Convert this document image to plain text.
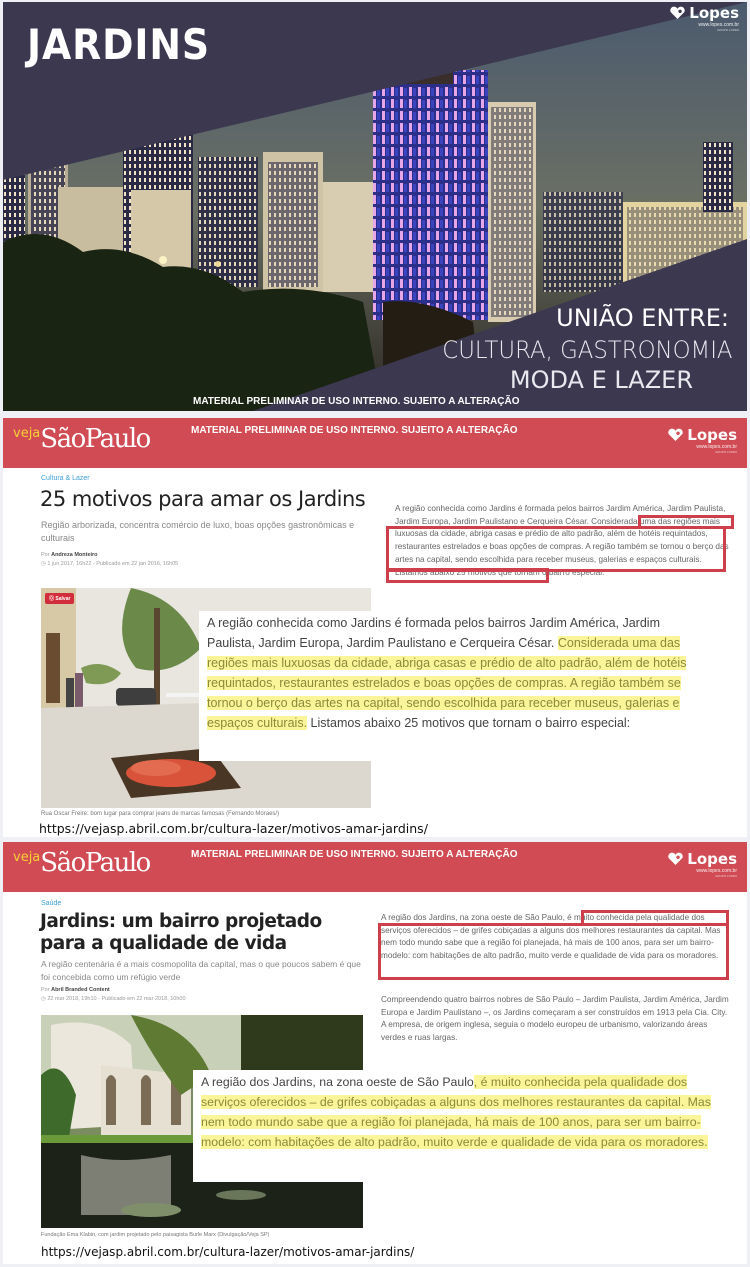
JARDINS
Lopes
www.lopes.com.br
GRUPO LOPES
UNIÃO ENTRE:
CULTURA, GASTRONOMIA
MODA E LAZER
MATERIAL PRELIMINAR DE USO INTERNO. SUJEITO A ALTERAÇÃO
$^{veja}$SãoPaulo	MATERIAL PRELIMINAR DE USO INTERNO. SUJEITO A ALTERAÇÃO	Lopes
www.lopes.com.br
GRUPO LOPES
Cultura & Lazer
25 motivos para amar os Jardins
Região arborizada, concentra comércio de luxo, boas opções gastronômicas e culturais
Por Andreza Monteiro
◷ 1 jun 2017, 16h22 - Publicado em 22 jan 2016, 16h05
A região conhecida como Jardins é formada pelos bairros Jardim América, Jardim Paulista, Jardim Europa, Jardim Paulistano e Cerqueira César. Considerada uma das regiões mais luxuosas da cidade, abriga casas e prédio de alto padrão, além de hotéis requintados, restaurantes estrelados e boas opções de compras. A região também se tornou o berço das artes na capital, sendo escolhida para receber museus, galerias e espaços culturais. Listamos abaixo 25 motivos que tornam o bairro especial:
⓪ Salvar
A região conhecida como Jardins é formada pelos bairros Jardim América, Jardim Paulista, Jardim Europa, Jardim Paulistano e Cerqueira César. Considerada uma das regiões mais luxuosas da cidade, abriga casas e prédio de alto padrão, além de hotéis requintados, restaurantes estrelados e boas opções de compras. A região também se tornou o berço das artes na capital, sendo escolhida para receber museus, galerias e espaços culturais. Listamos abaixo 25 motivos que tornam o bairro especial:
Rua Oscar Freire: bom lugar para comprar jeans de marcas famosas (Fernando Moraes/)
https://vejasp.abril.com.br/cultura-lazer/motivos-amar-jardins/
$^{veja}$SãoPaulo	MATERIAL PRELIMINAR DE USO INTERNO. SUJEITO A ALTERAÇÃO	Lopes
www.lopes.com.br
GRUPO LOPES
Saúde
Jardins: um bairro projetado para a qualidade de vida
A região centenária é a mais cosmopolita da capital, mas o que poucos sabem é que foi concebida como um refúgio verde
Por Abril Branded Content
◷ 22 mar 2018, 19h10 - Publicado em 22 mar 2018, 10h00
A região dos Jardins, na zona oeste de São Paulo, é muito conhecida pela qualidade dos serviços oferecidos – de grifes cobiçadas a alguns dos melhores restaurantes da capital. Mas nem todo mundo sabe que a região foi planejada, há mais de 100 anos, para ser um bairro-modelo: com habitações de alto padrão, muito verde e qualidade de vida para os moradores.
Compreendendo quatro bairros nobres de São Paulo – Jardim Paulista, Jardim América, Jardim Europa e Jardim Paulistano –, os Jardins começaram a ser construídos em 1913 pela Cia. City. A empresa, de origem inglesa, seguia o modelo europeu de urbanismo, valorizando áreas verdes e ruas largas.
A região dos Jardins, na zona oeste de São Paulo, é muito conhecida pela qualidade dos serviços oferecidos – de grifes cobiçadas a alguns dos melhores restaurantes da capital. Mas nem todo mundo sabe que a região foi planejada, há mais de 100 anos, para ser um bairro-modelo: com habitações de alto padrão, muito verde e qualidade de vida para os moradores.
Fundação Ema Klabin, com jardim projetado pelo paisagista Burle Marx (Divulgação/Veja SP)
https://vejasp.abril.com.br/cultura-lazer/motivos-amar-jardins/
